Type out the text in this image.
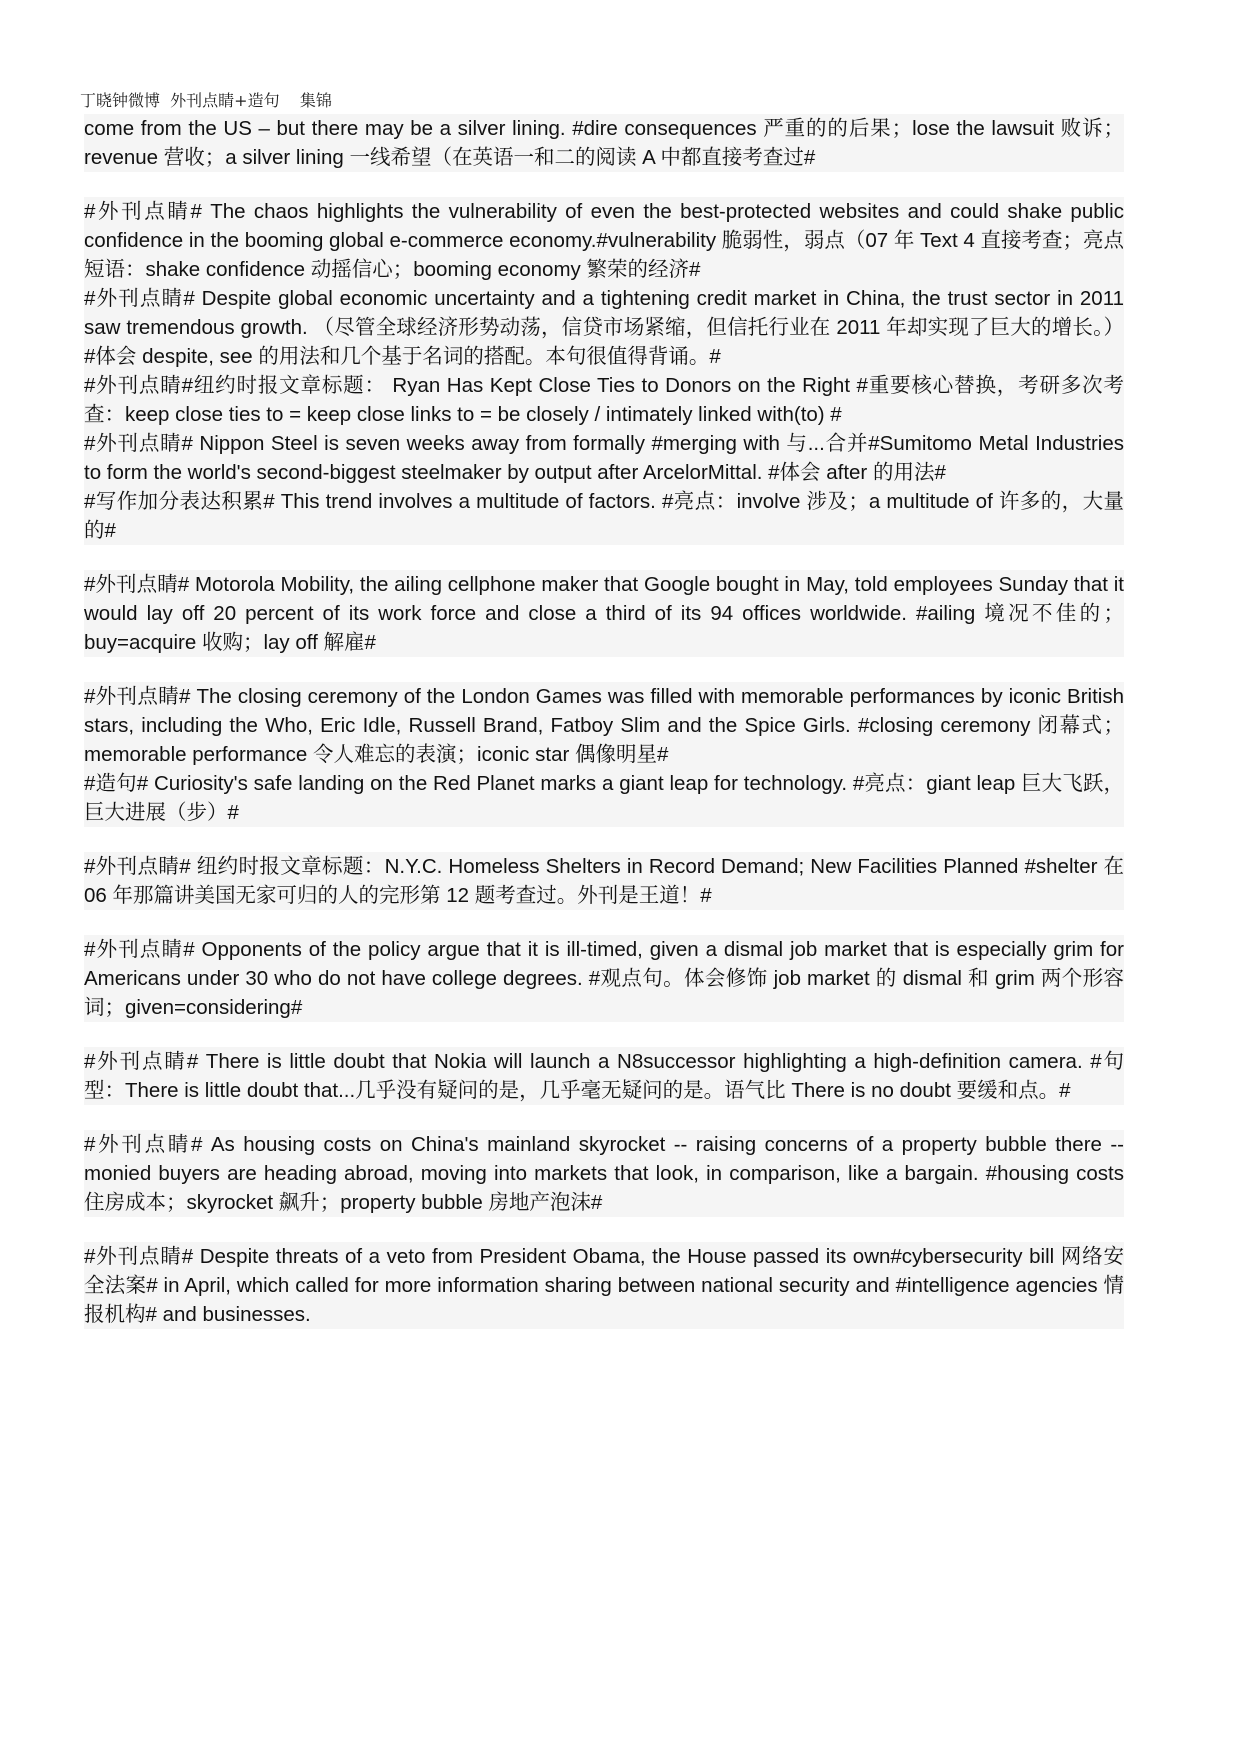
丁晓钟微博  外刊点睛+造句    集锦
come from the US – but there may be a silver lining. #dire consequences 严重的的后果；lose the lawsuit 败诉；revenue 营收；a silver lining 一线希望（在英语一和二的阅读 A 中都直接考查过#
#外刊点睛# The chaos highlights the vulnerability of even the best-protected websites and could shake public confidence in the booming global e-commerce economy.#vulnerability 脆弱性，弱点（07 年 Text 4 直接考查；亮点短语：shake confidence 动摇信心；booming economy 繁荣的经济#
#外刊点睛# Despite global economic uncertainty and a tightening credit market in China, the trust sector in 2011 saw tremendous growth. （尽管全球经济形势动荡，信贷市场紧缩，但信托行业在 2011 年却实现了巨大的增长。）#体会 despite, see 的用法和几个基于名词的搭配。本句很值得背诵。#
#外刊点睛#纽约时报文章标题： Ryan Has Kept Close Ties to Donors on the Right #重要核心替换，考研多次考查：keep close ties to = keep close links to = be closely / intimately linked with(to) #
#外刊点睛# Nippon Steel is seven weeks away from formally #merging with 与...合并#Sumitomo Metal Industries to form the world's second-biggest steelmaker by output after ArcelorMittal. #体会 after 的用法#
#写作加分表达积累# This trend involves a multitude of factors. #亮点：involve 涉及；a multitude of 许多的，大量的#
#外刊点睛# Motorola Mobility, the ailing cellphone maker that Google bought in May, told employees Sunday that it would lay off 20 percent of its work force and close a third of its 94 offices worldwide. #ailing 境况不佳的；buy=acquire 收购；lay off 解雇#
#外刊点睛# The closing ceremony of the London Games was filled with memorable performances by iconic British stars, including the Who, Eric Idle, Russell Brand, Fatboy Slim and the Spice Girls. #closing ceremony 闭幕式；memorable performance 令人难忘的表演；iconic star 偶像明星#
#造句# Curiosity's safe landing on the Red Planet marks a giant leap for technology. #亮点：giant leap 巨大飞跃，巨大进展（步）#
#外刊点睛# 纽约时报文章标题：N.Y.C. Homeless Shelters in Record Demand; New Facilities Planned #shelter 在 06 年那篇讲美国无家可归的人的完形第 12 题考查过。外刊是王道！#
#外刊点睛# Opponents of the policy argue that it is ill-timed, given a dismal job market that is especially grim for Americans under 30 who do not have college degrees. #观点句。体会修饰 job market 的 dismal 和 grim 两个形容词；given=considering#
#外刊点睛# There is little doubt that Nokia will launch a N8successor highlighting a high-definition camera. #句型：There is little doubt that...几乎没有疑问的是，几乎毫无疑问的是。语气比 There is no doubt 要缓和点。#
#外刊点睛# As housing costs on China's mainland skyrocket -- raising concerns of a property bubble there -- monied buyers are heading abroad, moving into markets that look, in comparison, like a bargain. #housing costs 住房成本；skyrocket 飙升；property bubble 房地产泡沫#
#外刊点睛# Despite threats of a veto from President Obama, the House passed its own#cybersecurity bill 网络安全法案# in April, which called for more information sharing between national security and #intelligence agencies 情报机构# and businesses.
